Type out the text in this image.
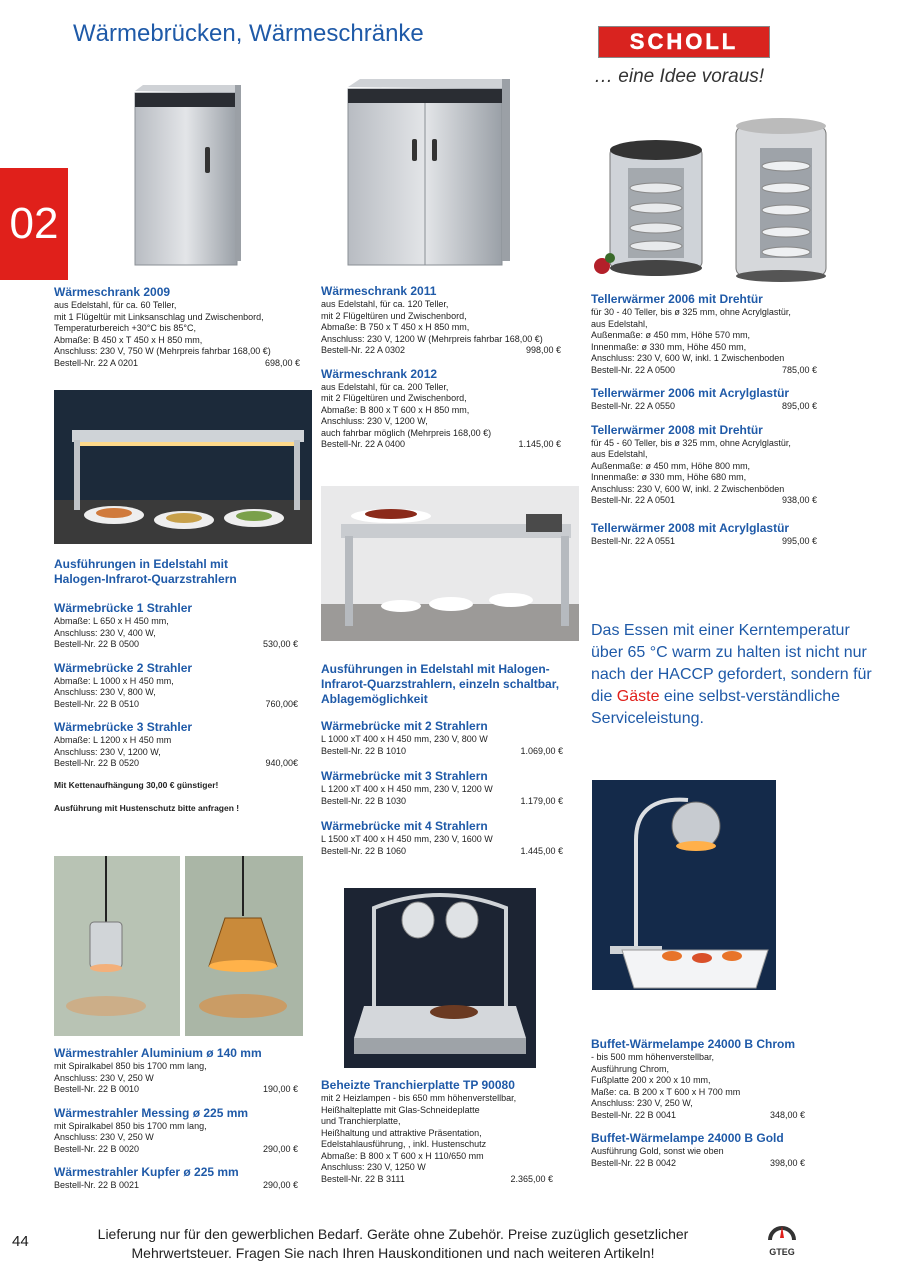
Wärmebrücken, Wärmeschränke	SCHOLL
… eine Idee voraus!
02
Wärmeschrank 2009
aus Edelstahl, für ca. 60 Teller,
mit 1 Flügeltür mit Linksanschlag und Zwischenbord,
Temperaturbereich +30°C bis 85°C,
Abmaße: B 450 x T 450 x H 850 mm,
Anschluss: 230 V, 750 W (Mehrpreis fahrbar 168,00 €)
Bestell-Nr. 22 A 0201	698,00 €
Ausführungen in Edelstahl mit Halogen-Infrarot-Quarzstrahlern
Wärmebrücke 1 Strahler
Abmaße: L 650 x H 450 mm,
Anschluss: 230 V, 400 W,
Bestell-Nr. 22 B 0500	530,00 €
Wärmebrücke 2 Strahler
Abmaße: L 1000 x H 450 mm,
Anschluss: 230 V, 800 W,
Bestell-Nr. 22 B 0510	760,00€
Wärmebrücke 3 Strahler
Abmaße: L 1200 x H 450 mm
Anschluss: 230 V, 1200 W,
Bestell-Nr. 22 B 0520	940,00€
Mit Kettenaufhängung 30,00 € günstiger!
Ausführung mit Hustenschutz bitte anfragen !
Wärmestrahler Aluminium ø 140 mm
mit Spiralkabel 850 bis 1700 mm lang,
Anschluss: 230 V, 250 W
Bestell-Nr. 22 B 0010	190,00 €
Wärmestrahler Messing ø 225 mm
mit Spiralkabel 850 bis 1700 mm lang,
Anschluss: 230 V, 250 W
Bestell-Nr. 22 B 0020	290,00 €
Wärmestrahler Kupfer ø 225 mm
Bestell-Nr. 22 B 0021	290,00 €
Wärmeschrank 2011
aus Edelstahl, für ca. 120 Teller,
mit 2 Flügeltüren und Zwischenbord,
Abmaße: B 750 x T 450 x H 850 mm,
Anschluss: 230 V, 1200 W (Mehrpreis fahrbar 168,00 €)
Bestell-Nr. 22 A 0302	998,00 €
Wärmeschrank 2012
aus Edelstahl, für ca. 200 Teller,
mit 2 Flügeltüren und Zwischenbord,
Abmaße: B 800 x T 600 x H 850 mm,
Anschluss: 230 V, 1200 W,
auch fahrbar möglich (Mehrpreis 168,00 €)
Bestell-Nr. 22 A 0400	1.145,00 €
Ausführungen in Edelstahl mit Halogen-Infrarot-Quarzstrahlern, einzeln schaltbar, Ablagemöglichkeit
Wärmebrücke mit 2 Strahlern
L 1000 xT 400 x H 450 mm, 230 V, 800 W
Bestell-Nr. 22 B 1010	1.069,00 €
Wärmebrücke mit 3 Strahlern
L 1200 xT 400 x H 450 mm, 230 V, 1200 W
Bestell-Nr. 22 B 1030	1.179,00 €
Wärmebrücke mit 4 Strahlern
L 1500 xT 400 x H 450 mm, 230 V, 1600 W
Bestell-Nr. 22 B 1060	1.445,00 €
Beheizte Tranchierplatte TP 90080
mit 2 Heizlampen - bis 650 mm höhenverstellbar,
Heißhalteplatte mit Glas-Schneideplatte
und Tranchierplatte,
Heißhaltung und attraktive Präsentation,
Edelstahlausführung, , inkl. Hustenschutz
Abmaße: B 800 x T 600 x H 110/650 mm
Anschluss: 230 V, 1250 W
Bestell-Nr. 22 B 3111	2.365,00 €
Tellerwärmer 2006 mit Drehtür
für 30 - 40 Teller, bis ø 325 mm, ohne Acrylglastür,
aus Edelstahl,
Außenmaße: ø 450 mm, Höhe 570 mm,
Innenmaße: ø 330 mm, Höhe 450 mm,
Anschluss: 230 V, 600 W, inkl. 1 Zwischenboden
Bestell-Nr. 22 A 0500	785,00 €
Tellerwärmer 2006 mit Acrylglastür
Bestell-Nr. 22 A 0550	895,00 €
Tellerwärmer 2008 mit Drehtür
für 45 - 60 Teller, bis ø 325 mm, ohne Acrylglastür,
aus Edelstahl,
Außenmaße: ø 450 mm, Höhe 800 mm,
Innenmaße: ø 330 mm, Höhe 680 mm,
Anschluss: 230 V, 600 W, inkl. 2 Zwischenböden
Bestell-Nr. 22 A 0501	938,00 €
Tellerwärmer 2008 mit Acrylglastür
Bestell-Nr. 22 A 0551	995,00 €
Das Essen mit einer Kerntemperatur über 65 °C warm zu halten ist nicht nur nach der HACCP gefordert, sondern für die Gäste eine selbst-verständliche Serviceleistung.
Buffet-Wärmelampe 24000 B Chrom
- bis 500 mm höhenverstellbar,
Ausführung Chrom,
Fußplatte 200 x 200 x 10 mm,
Maße: ca. B 200 x T 600 x H 700 mm
Anschluss: 230 V, 250 W,
Bestell-Nr. 22 B 0041	348,00 €
Buffet-Wärmelampe 24000 B Gold
Ausführung Gold, sonst wie oben
Bestell-Nr. 22 B 0042	398,00 €
44	Lieferung nur für den gewerblichen Bedarf. Geräte ohne Zubehör. Preise zuzüglich gesetzlicher Mehrwertsteuer. Fragen Sie nach Ihren Hauskonditionen und nach weiteren Artikeln!	GTEG
